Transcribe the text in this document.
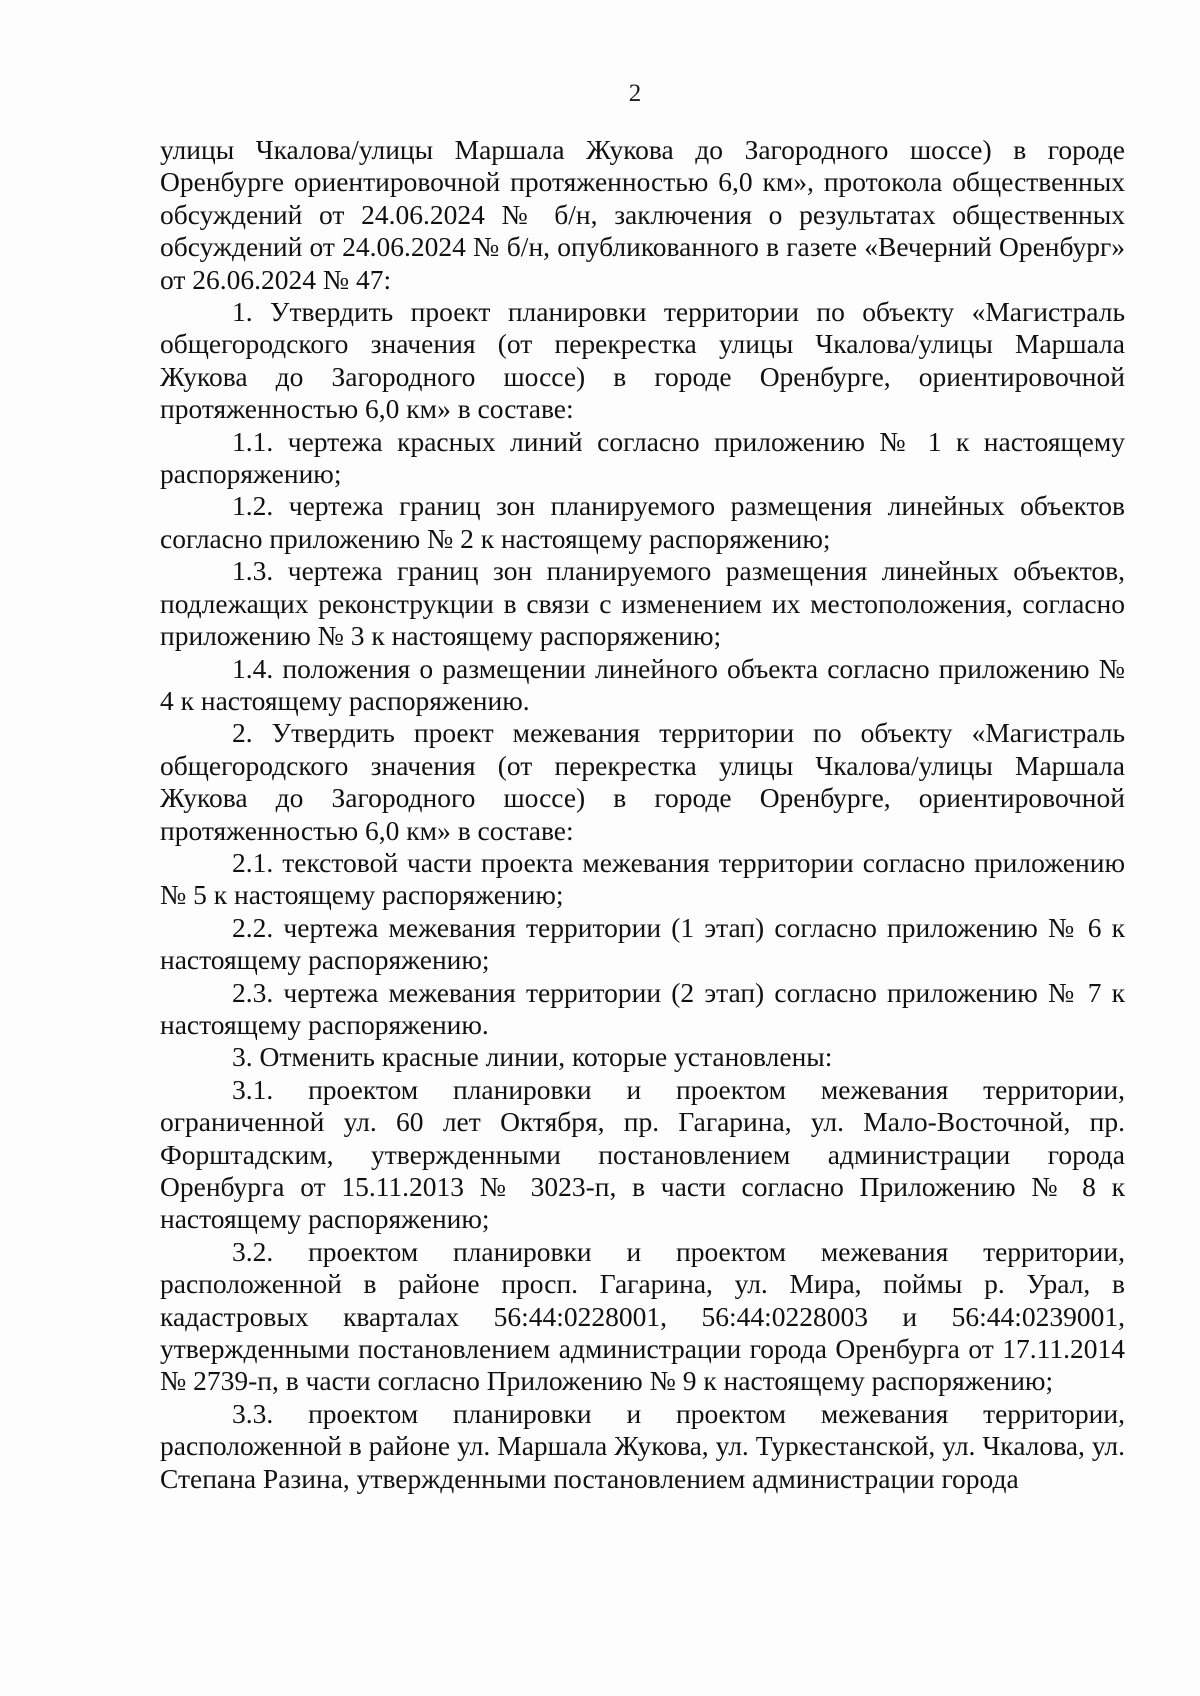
2

улицы Чкалова/улицы Маршала Жукова до Загородного шоссе) в городе Оренбурге ориентировочной протяженностью 6,0 км», протокола общественных обсуждений от 24.06.2024 № б/н, заключения о результатах общественных обсуждений от 24.06.2024 № б/н, опубликованного в газете «Вечерний Оренбург» от 26.06.2024 № 47:

1. Утвердить проект планировки территории по объекту «Магистраль общегородского значения (от перекрестка улицы Чкалова/улицы Маршала Жукова до Загородного шоссе) в городе Оренбурге, ориентировочной протяженностью 6,0 км» в составе:

1.1. чертежа красных линий согласно приложению № 1 к настоящему распоряжению;

1.2. чертежа границ зон планируемого размещения линейных объектов согласно приложению № 2 к настоящему распоряжению;

1.3. чертежа границ зон планируемого размещения линейных объектов, подлежащих реконструкции в связи с изменением их местоположения, согласно приложению № 3 к настоящему распоряжению;

1.4. положения о размещении линейного объекта согласно приложению № 4 к настоящему распоряжению.

2. Утвердить проект межевания территории по объекту «Магистраль общегородского значения (от перекрестка улицы Чкалова/улицы Маршала Жукова до Загородного шоссе) в городе Оренбурге, ориентировочной протяженностью 6,0 км» в составе:

2.1. текстовой части проекта межевания территории согласно приложению № 5 к настоящему распоряжению;

2.2. чертежа межевания территории (1 этап) согласно приложению № 6 к настоящему распоряжению;

2.3. чертежа межевания территории (2 этап) согласно приложению № 7 к настоящему распоряжению.

3. Отменить красные линии, которые установлены:

3.1. проектом планировки и проектом межевания территории, ограниченной ул. 60 лет Октября, пр. Гагарина, ул. Мало-Восточной, пр. Форштадским, утвержденными постановлением администрации города Оренбурга от 15.11.2013 № 3023-п, в части согласно Приложению № 8 к настоящему распоряжению;

3.2. проектом планировки и проектом межевания территории, расположенной в районе просп. Гагарина, ул. Мира, поймы р. Урал, в кадастровых кварталах 56:44:0228001, 56:44:0228003 и 56:44:0239001, утвержденными постановлением администрации города Оренбурга от 17.11.2014 № 2739-п, в части согласно Приложению № 9 к настоящему распоряжению;

3.3. проектом планировки и проектом межевания территории, расположенной в районе ул. Маршала Жукова, ул. Туркестанской, ул. Чкалова, ул. Степана Разина, утвержденными постановлением администрации города
